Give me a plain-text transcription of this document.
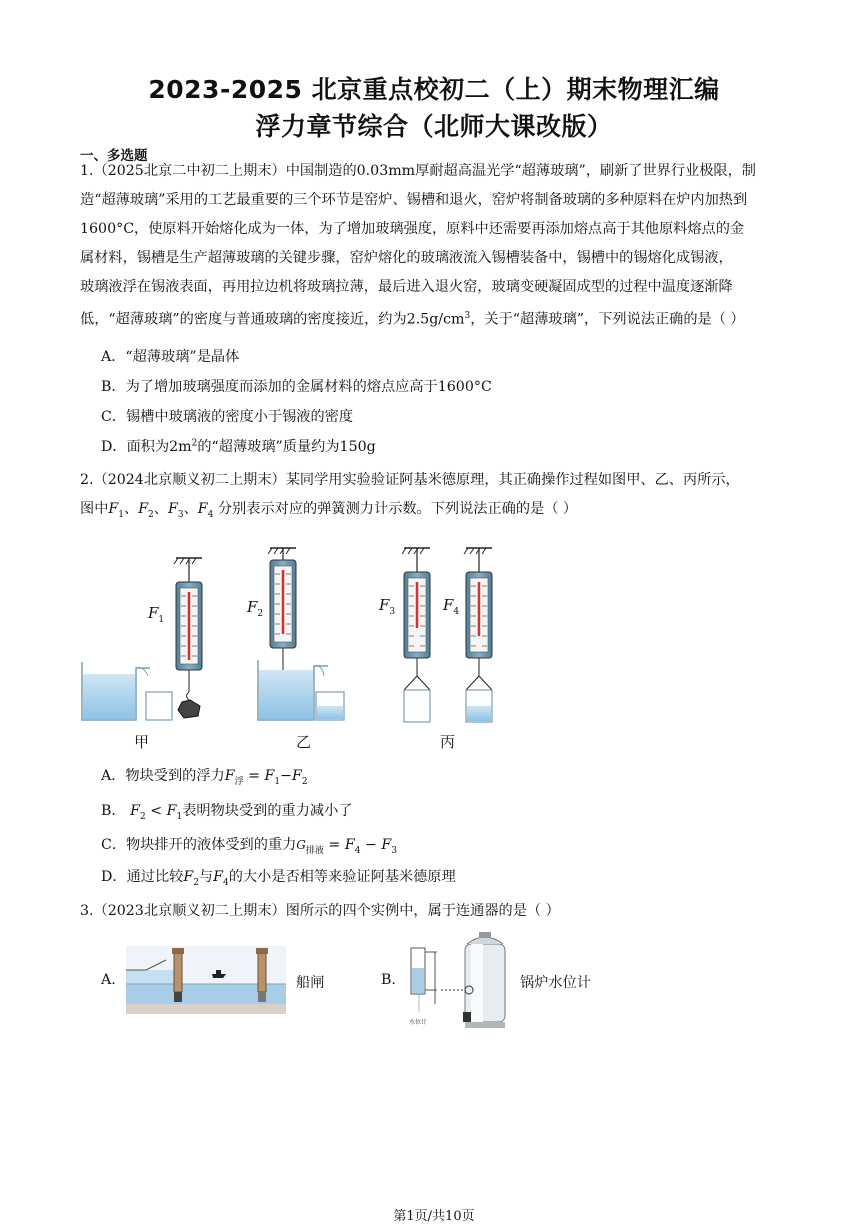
2023-2025 北京重点校初二（上）期末物理汇编
浮力章节综合（北师大课改版）
一、多选题
1.（2025北京二中初二上期末）中国制造的0.03mm厚耐超高温光学“超薄玻璃”，刷新了世界行业极限，制
造“超薄玻璃”采用的工艺最重要的三个环节是窑炉、锡槽和退火，窑炉将制备玻璃的多种原料在炉内加热到
1600°C，使原料开始熔化成为一体，为了增加玻璃强度，原料中还需要再添加熔点高于其他原料熔点的金
属材料，锡槽是生产超薄玻璃的关键步骤，窑炉熔化的玻璃液流入锡槽装备中，锡槽中的锡熔化成锡液，
玻璃液浮在锡液表面，再用拉边机将玻璃拉薄，最后进入退火窑，玻璃变硬凝固成型的过程中温度逐渐降
低，“超薄玻璃”的密度与普通玻璃的密度接近，约为$2.5g/cm^3$，关于“超薄玻璃”，下列说法正确的是（ ）
A．“超薄玻璃”是晶体
B．为了增加玻璃强度而添加的金属材料的熔点应高于1600°C
C．锡槽中玻璃液的密度小于锡液的密度
D．面积为$2m^2$的“超薄玻璃”质量约为150g
2.（2024北京顺义初二上期末）某同学用实验验证阿基米德原理，其正确操作过程如图甲、乙、丙所示，
图中$F_1$、$F_2$、$F_3$、$F_4$ 分别表示对应的弹簧测力计示数。下列说法正确的是（ ）
$F_1$
$F_2$	$F_3$	$F_4$
甲	乙	丙
A．物块受到的浮力$F_浮 = F_1-F_2$
B． $F_2 < F_1$表明物块受到的重力减小了
C．物块排开的液体受到的重力$G_{排液} = F_4 - F_3$
D．通过比较$F_2$与$F_4$的大小是否相等来验证阿基米德原理
3.（2023北京顺义初二上期末）图所示的四个实例中，属于连通器的是（ ）
A.	船闸	B.
水位计
锅炉水位计
第1页/共10页
